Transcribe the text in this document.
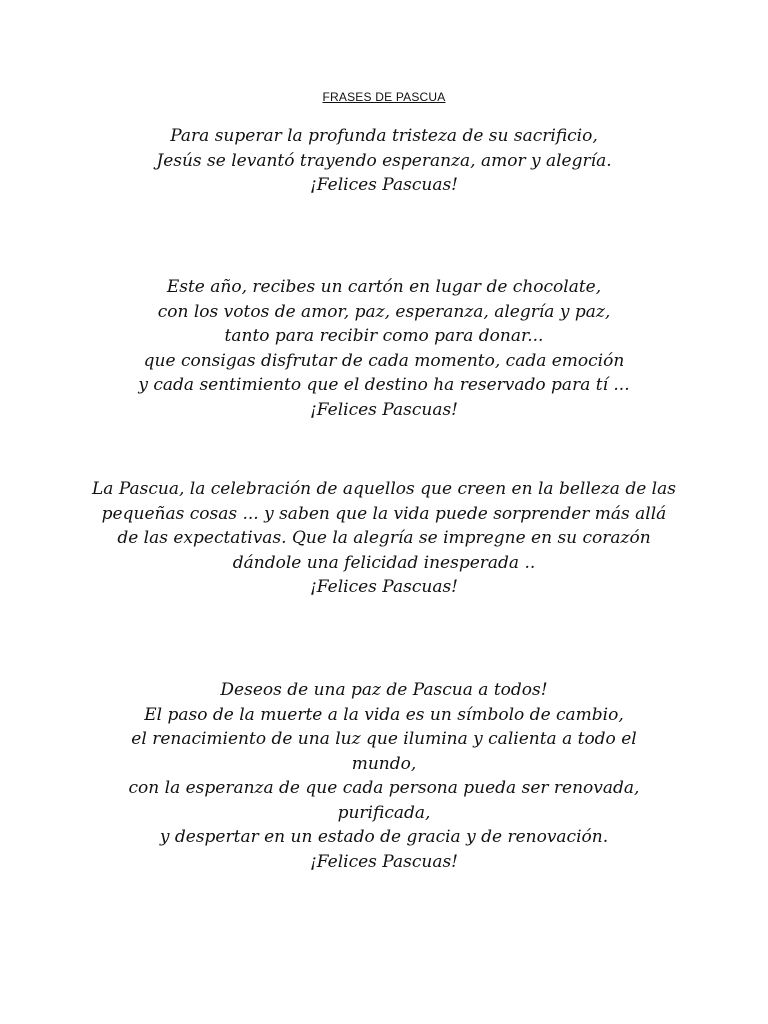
FRASES DE PASCUA
Para superar la profunda tristeza de su sacrificio,
Jesús se levantó trayendo esperanza, amor y alegría.
¡Felices Pascuas!
Este año, recibes un cartón en lugar de chocolate,
con los votos de amor, paz, esperanza, alegría y paz,
tanto para recibir como para donar...
que consigas disfrutar de cada momento, cada emoción
y cada sentimiento que el destino ha reservado para tí ...
¡Felices Pascuas!
La Pascua, la celebración de aquellos que creen en la belleza de las
pequeñas cosas ... y saben que la vida puede sorprender más allá
de las expectativas. Que la alegría se impregne en su corazón
dándole una felicidad inesperada ..
¡Felices Pascuas!
Deseos de una paz de Pascua a todos!
El paso de la muerte a la vida es un símbolo de cambio,
el renacimiento de una luz que ilumina y calienta a todo el
mundo,
con la esperanza de que cada persona pueda ser renovada,
purificada,
y despertar en un estado de gracia y de renovación.
¡Felices Pascuas!
